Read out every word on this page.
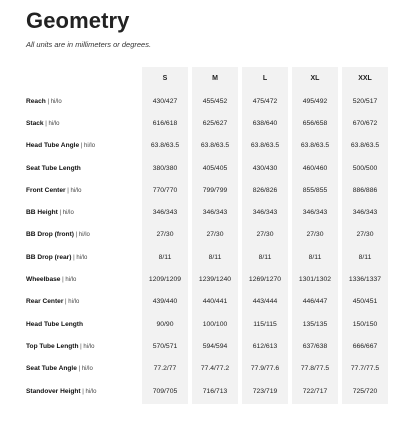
Geometry
All units are in millimeters or degrees.
	S	M	L	XL	XXL
Reach | hi/lo	430/427	455/452	475/472	495/492	520/517
Stack | hi/lo	616/618	625/627	638/640	656/658	670/672
Head Tube Angle | hi/lo	63.8/63.5	63.8/63.5	63.8/63.5	63.8/63.5	63.8/63.5
Seat Tube Length	380/380	405/405	430/430	460/460	500/500
Front Center | hi/lo	770/770	799/799	826/826	855/855	886/886
BB Height | hi/lo	346/343	346/343	346/343	346/343	346/343
BB Drop (front) | hi/lo	27/30	27/30	27/30	27/30	27/30
BB Drop (rear) | hi/lo	8/11	8/11	8/11	8/11	8/11
Wheelbase | hi/lo	1209/1209	1239/1240	1269/1270	1301/1302	1336/1337
Rear Center | hi/lo	439/440	440/441	443/444	446/447	450/451
Head Tube Length	90/90	100/100	115/115	135/135	150/150
Top Tube Length | hi/lo	570/571	594/594	612/613	637/638	666/667
Seat Tube Angle | hi/lo	77.2/77	77.4/77.2	77.9/77.6	77.8/77.5	77.7/77.5
Standover Height | hi/lo	709/705	716/713	723/719	722/717	725/720
